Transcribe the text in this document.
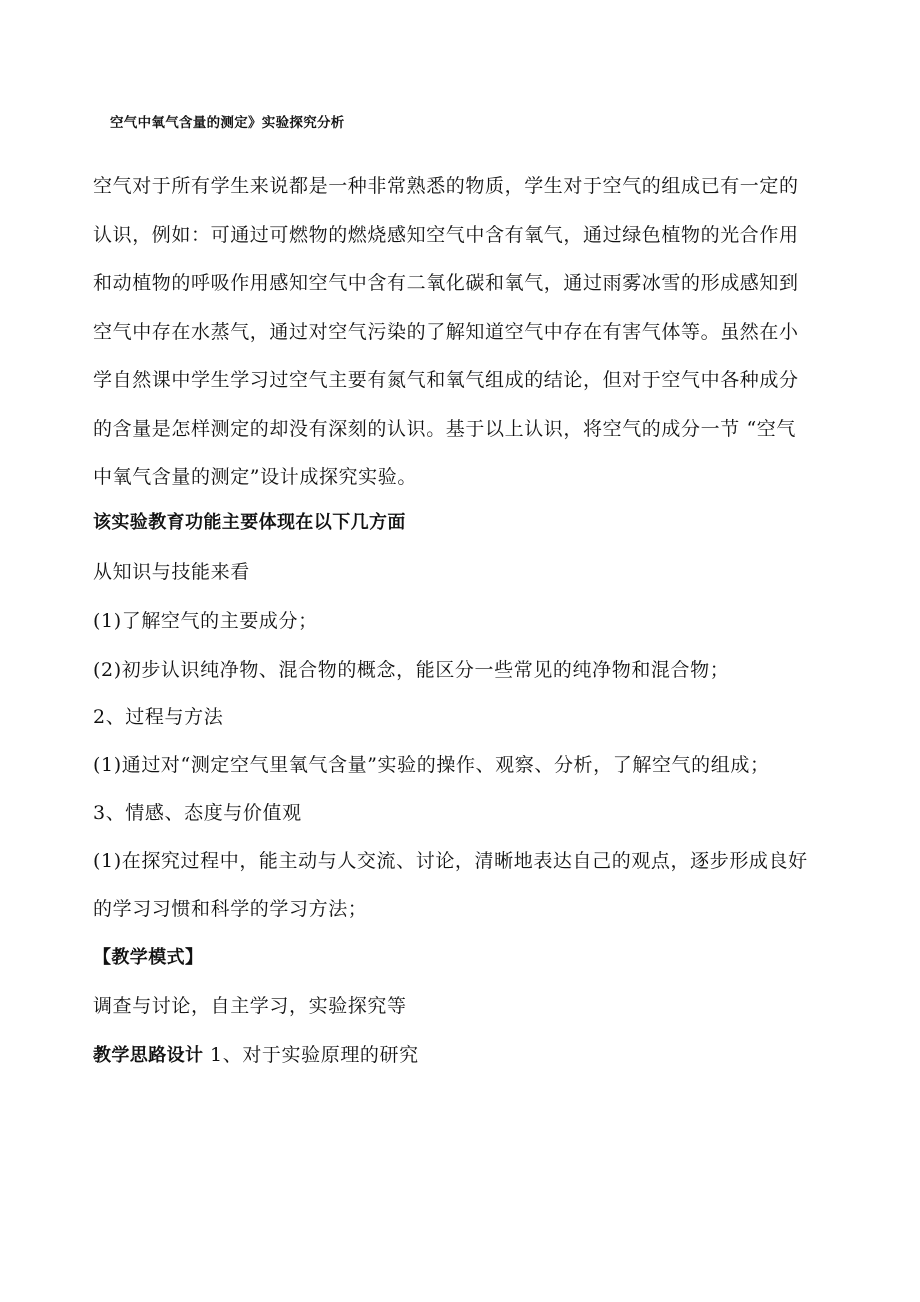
空气中氧气含量的测定》实验探究分析
空气对于所有学生来说都是一种非常熟悉的物质，学生对于空气的组成已有一定的
认识，例如：可通过可燃物的燃烧感知空气中含有氧气，通过绿色植物的光合作用
和动植物的呼吸作用感知空气中含有二氧化碳和氧气，通过雨雾冰雪的形成感知到
空气中存在水蒸气，通过对空气污染的了解知道空气中存在有害气体等。虽然在小
学自然课中学生学习过空气主要有氮气和氧气组成的结论，但对于空气中各种成分
的含量是怎样测定的却没有深刻的认识。基于以上认识，将空气的成分一节 “空气
中氧气含量的测定”设计成探究实验。
该实验教育功能主要体现在以下几方面
从知识与技能来看
(1)了解空气的主要成分；
(2)初步认识纯净物、混合物的概念，能区分一些常见的纯净物和混合物；
2、过程与方法
(1)通过对“测定空气里氧气含量”实验的操作、观察、分析，了解空气的组成；
3、情感、态度与价值观
(1)在探究过程中，能主动与人交流、讨论，清晰地表达自己的观点，逐步形成良好
的学习习惯和科学的学习方法；
【教学模式】
调查与讨论，自主学习，实验探究等
教学思路设计 1、对于实验原理的研究
